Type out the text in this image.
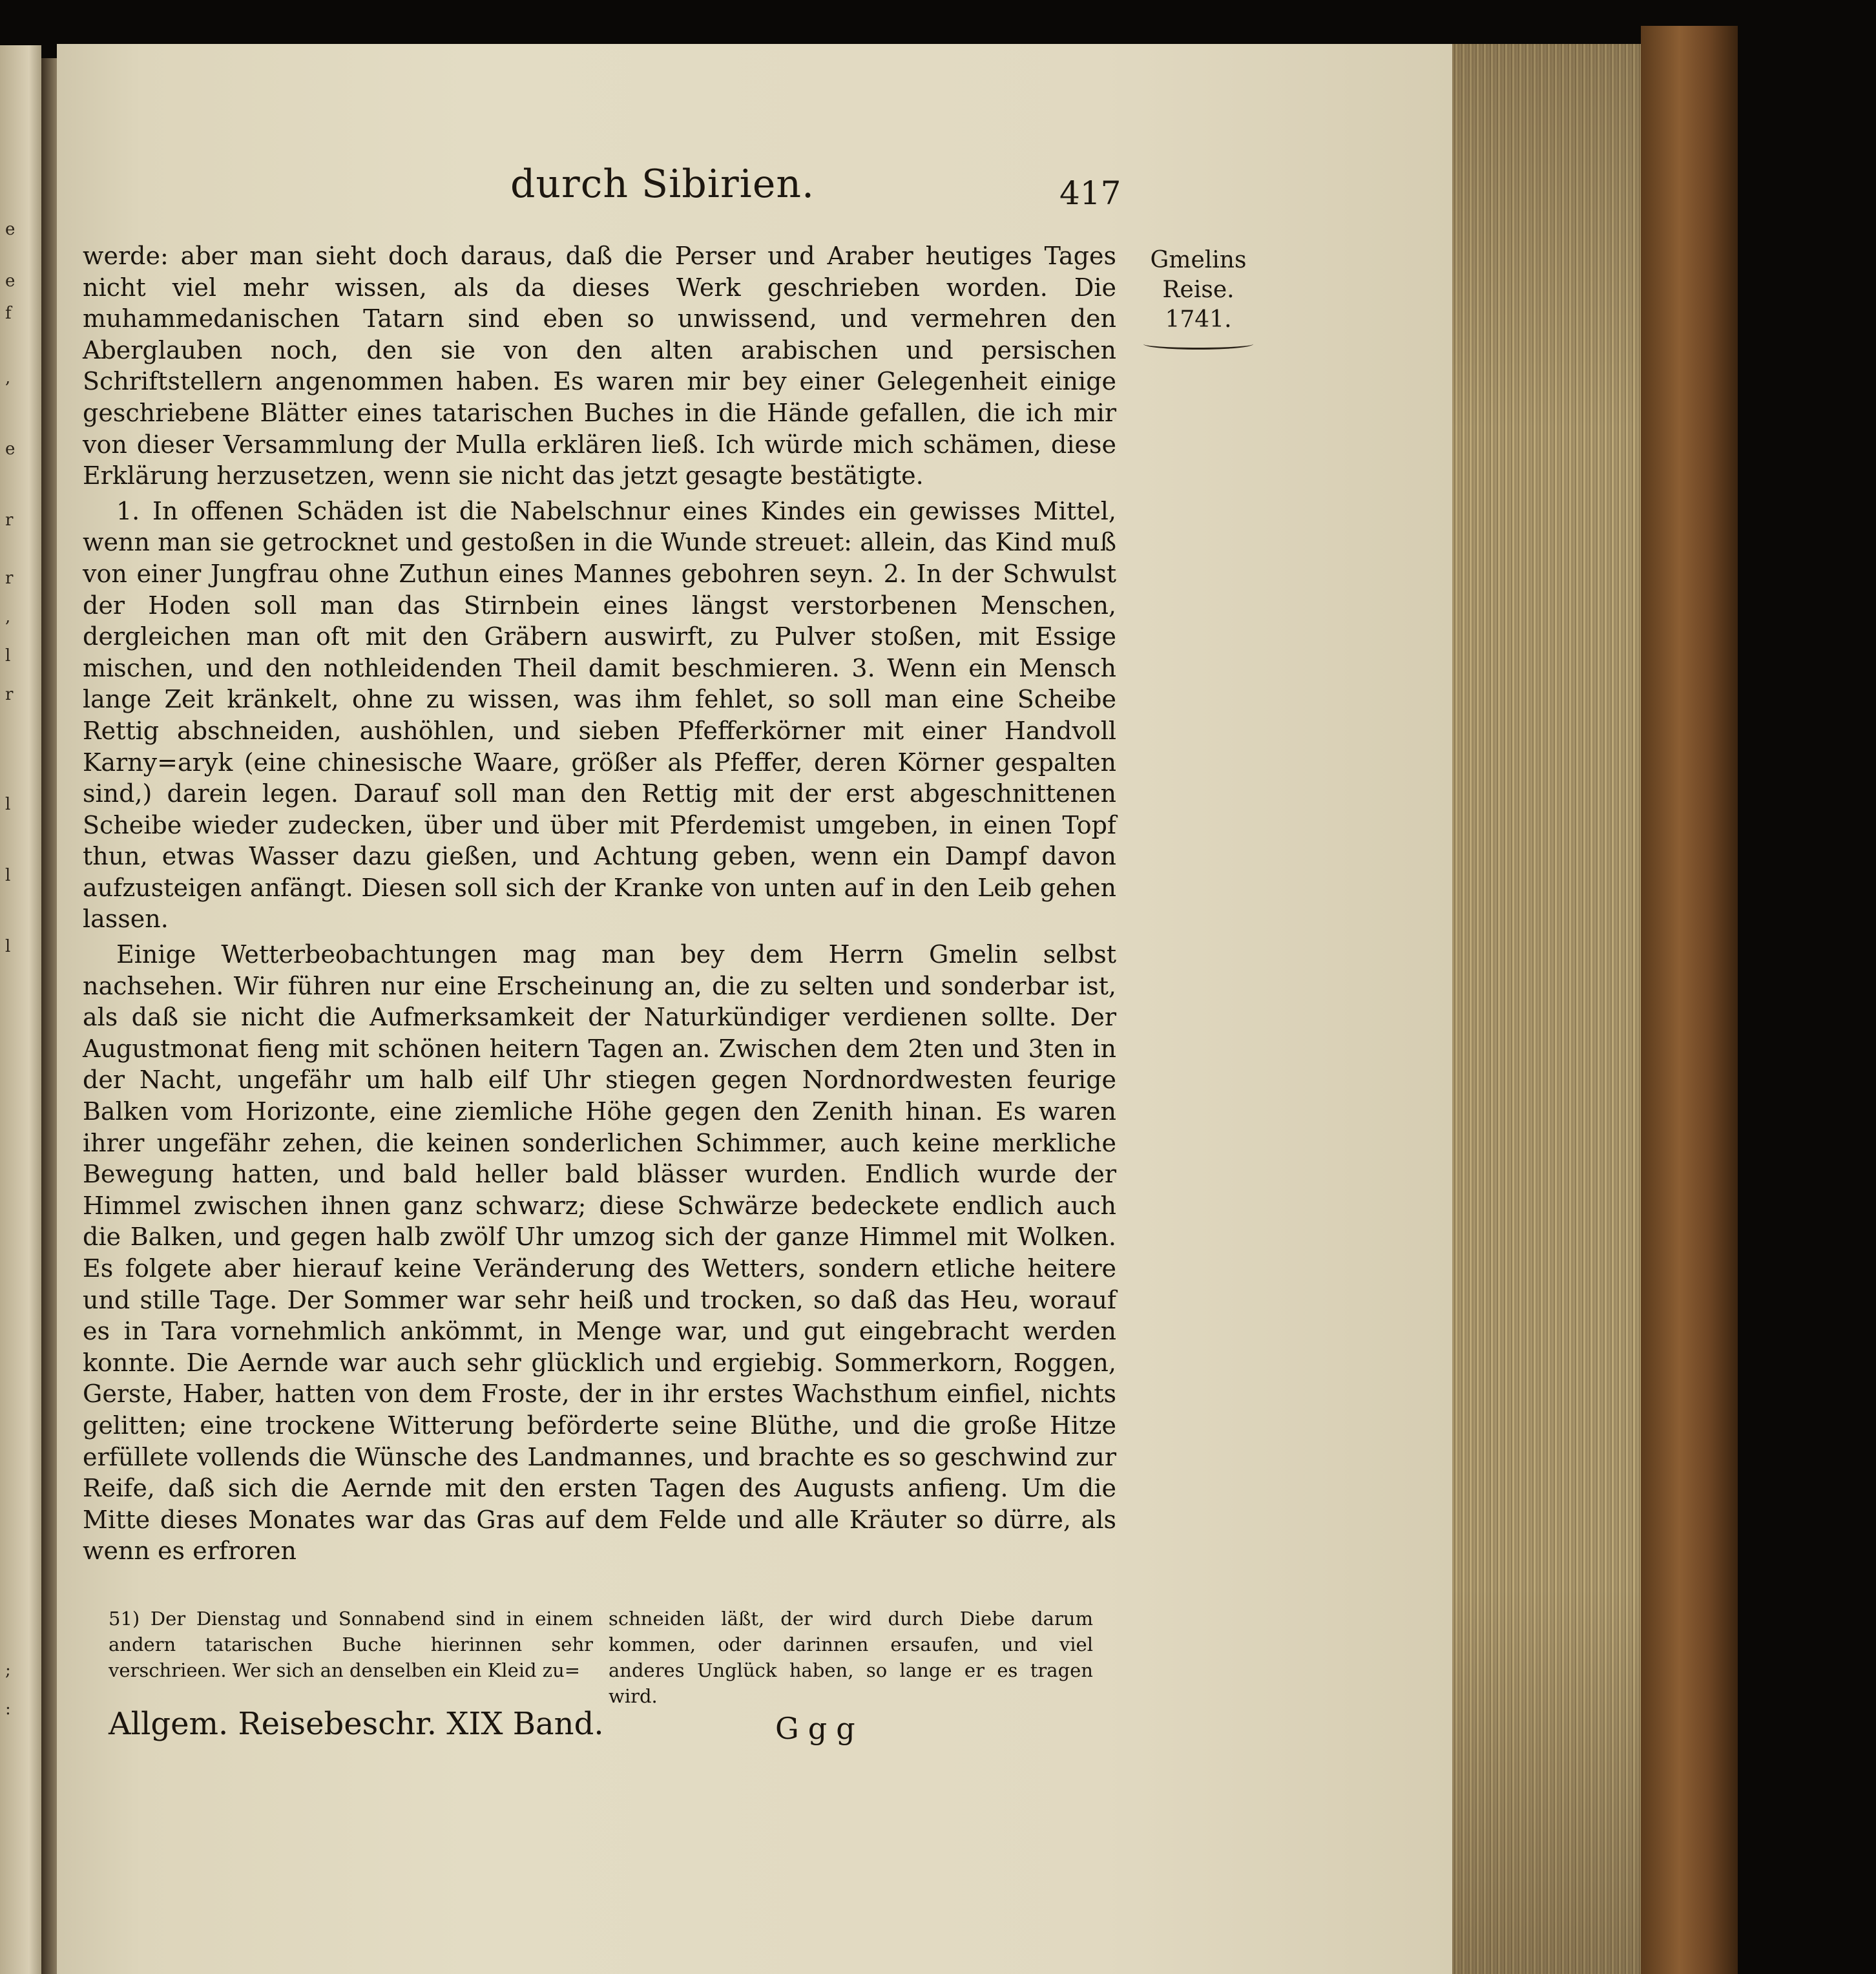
e
e
f
,
e
r
r
,
l
r
l
l
l
;
:
durch Sibirien.	417
Gmelins
Reise.
1741.

werde: aber man sieht doch daraus, daß die Perser und Araber heutiges Tages nicht viel mehr wissen, als da dieses Werk geschrieben worden. Die muhammedanischen Tatarn sind eben so unwissend, und vermehren den Aberglauben noch, den sie von den alten arabischen und persischen Schriftstellern angenommen haben. Es waren mir bey einer Gelegenheit einige geschriebene Blätter eines tatarischen Buches in die Hände gefallen, die ich mir von dieser Versammlung der Mulla erklären ließ. Ich würde mich schämen, diese Erklärung herzusetzen, wenn sie nicht das jetzt gesagte bestätigte.

1. In offenen Schäden ist die Nabelschnur eines Kindes ein gewisses Mittel, wenn man sie getrocknet und gestoßen in die Wunde streuet: allein, das Kind muß von einer Jungfrau ohne Zuthun eines Mannes gebohren seyn. 2. In der Schwulst der Hoden soll man das Stirnbein eines längst verstorbenen Menschen, dergleichen man oft mit den Gräbern auswirft, zu Pulver stoßen, mit Essige mischen, und den nothleidenden Theil damit beschmieren. 3. Wenn ein Mensch lange Zeit kränkelt, ohne zu wissen, was ihm fehlet, so soll man eine Scheibe Rettig abschneiden, aushöhlen, und sieben Pfefferkörner mit einer Handvoll Karny=aryk (eine chinesische Waare, größer als Pfeffer, deren Körner gespalten sind,) darein legen. Darauf soll man den Rettig mit der erst abgeschnittenen Scheibe wieder zudecken, über und über mit Pferdemist umgeben, in einen Topf thun, etwas Wasser dazu gießen, und Achtung geben, wenn ein Dampf davon aufzusteigen anfängt. Diesen soll sich der Kranke von unten auf in den Leib gehen lassen.

Einige Wetterbeobachtungen mag man bey dem Herrn Gmelin selbst nachsehen. Wir führen nur eine Erscheinung an, die zu selten und sonderbar ist, als daß sie nicht die Aufmerksamkeit der Naturkündiger verdienen sollte. Der Augustmonat fieng mit schönen heitern Tagen an. Zwischen dem 2ten und 3ten in der Nacht, ungefähr um halb eilf Uhr stiegen gegen Nordnordwesten feurige Balken vom Horizonte, eine ziemliche Höhe gegen den Zenith hinan. Es waren ihrer ungefähr zehen, die keinen sonderlichen Schimmer, auch keine merkliche Bewegung hatten, und bald heller bald blässer wurden. Endlich wurde der Himmel zwischen ihnen ganz schwarz; diese Schwärze bedeckete endlich auch die Balken, und gegen halb zwölf Uhr umzog sich der ganze Himmel mit Wolken. Es folgete aber hierauf keine Veränderung des Wetters, sondern etliche heitere und stille Tage. Der Sommer war sehr heiß und trocken, so daß das Heu, worauf es in Tara vornehmlich ankömmt, in Menge war, und gut eingebracht werden konnte. Die Aernde war auch sehr glücklich und ergiebig. Sommerkorn, Roggen, Gerste, Haber, hatten von dem Froste, der in ihr erstes Wachsthum einfiel, nichts gelitten; eine trockene Witterung beförderte seine Blüthe, und die große Hitze erfüllete vollends die Wünsche des Landmannes, und brachte es so geschwind zur Reife, daß sich die Aernde mit den ersten Tagen des Augusts anfieng. Um die Mitte dieses Monates war das Gras auf dem Felde und alle Kräuter so dürre, als wenn es erfroren

51) Der Dienstag und Sonnabend sind in einem andern tatarischen Buche hierinnen sehr verschrieen. Wer sich an denselben ein Kleid zu=
schneiden läßt, der wird durch Diebe darum kommen, oder darinnen ersaufen, und viel anderes Unglück haben, so lange er es tragen wird.
Allgem. Reisebeschr. XIX Band.	Ggg
